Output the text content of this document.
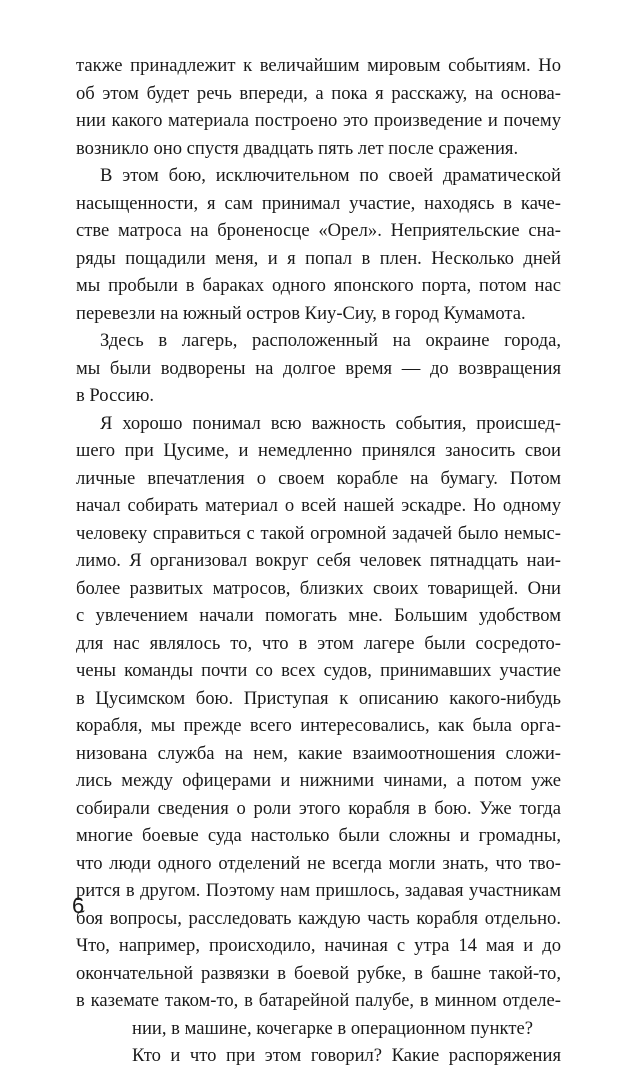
также принадлежит к величайшим мировым событиям. Но
об этом будет речь впереди, а пока я расскажу, на основа-
нии какого материала построено это произведение и почему
возникло оно спустя двадцать пять лет после сражения.
В этом бою, исключительном по своей драматической
насыщенности, я сам принимал участие, находясь в каче-
стве матроса на броненосце «Орел». Неприятельские сна-
ряды пощадили меня, и я попал в плен. Несколько дней
мы пробыли в бараках одного японского порта, потом нас
перевезли на южный остров Киу-Сиу, в город Кумамота.
Здесь в лагерь, расположенный на окраине города,
мы были водворены на долгое время — до возвращения
в Россию.
Я хорошо понимал всю важность события, происшед-
шего при Цусиме, и немедленно принялся заносить свои
личные впечатления о своем корабле на бумагу. Потом
начал собирать материал о всей нашей эскадре. Но одному
человеку справиться с такой огромной задачей было немыс-
лимо. Я организовал вокруг себя человек пятнадцать наи-
более развитых матросов, близких своих товарищей. Они
с увлечением начали помогать мне. Большим удобством
для нас являлось то, что в этом лагере были сосредото-
чены команды почти со всех судов, принимавших участие
в Цусимском бою. Приступая к описанию какого-нибудь
корабля, мы прежде всего интересовались, как была орга-
низована служба на нем, какие взаимоотношения сложи-
лись между офицерами и нижними чинами, а потом уже
собирали сведения о роли этого корабля в бою. Уже тогда
многие боевые суда настолько были сложны и громадны,
что люди одного отделений не всегда могли знать, что тво-
рится в другом. Поэтому нам пришлось, задавая участникам
боя вопросы, расследовать каждую часть корабля отдельно.
Что, например, происходило, начиная с утра 14 мая и до
окончательной развязки в боевой рубке, в башне такой-то,
в каземате таком-то, в батарейной палубе, в минном отделе-
нии, в машине, кочегарке в операционном пункте?
Кто и что при этом говорил? Какие распоряжения
6
